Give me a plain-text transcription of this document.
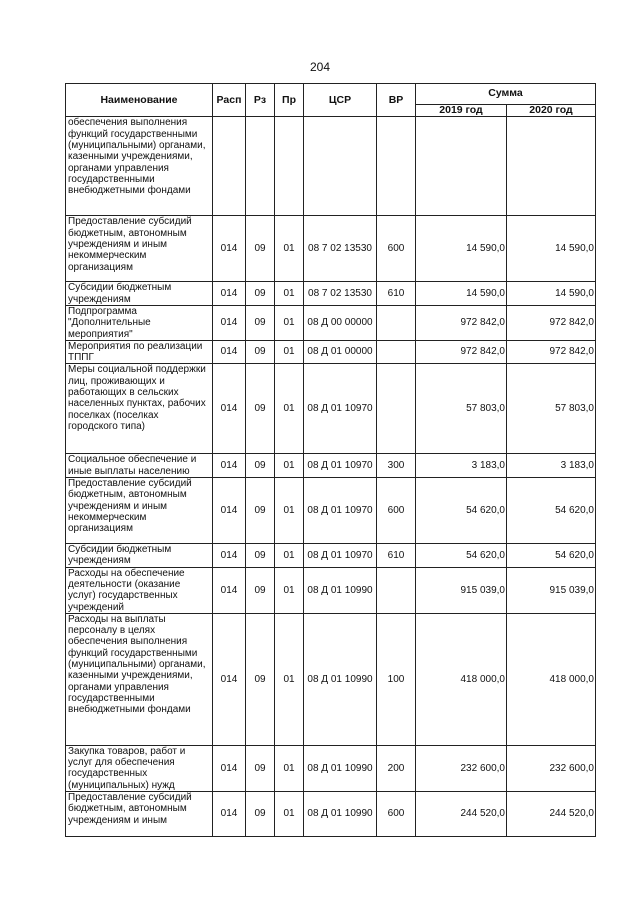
204
Наименование	Расп	Рз	Пр	ЦСР	ВР	Сумма	
						2019 год	2020 год
обеспечения выполнения функций государственными (муниципальными) органами, казенными учреждениями, органами управления государственными внебюджетными фондами							
Предоставление субсидий бюджетным, автономным учреждениям и иным некоммерческим организациям	014	09	01	08 7 02 13530	600	14 590,0	14 590,0
Субсидии бюджетным учреждениям	014	09	01	08 7 02 13530	610	14 590,0	14 590,0
Подпрограмма "Дополнительные мероприятия"	014	09	01	08 Д 00 00000		972 842,0	972 842,0
Мероприятия по реализации ТППГ	014	09	01	08 Д 01 00000		972 842,0	972 842,0
Меры социальной поддержки лиц, проживающих и работающих в сельских населенных пунктах, рабочих поселках (поселках городского типа)	014	09	01	08 Д 01 10970		57 803,0	57 803,0
Социальное обеспечение и иные выплаты населению	014	09	01	08 Д 01 10970	300	3 183,0	3 183,0
Предоставление субсидий бюджетным, автономным учреждениям и иным некоммерческим организациям	014	09	01	08 Д 01 10970	600	54 620,0	54 620,0
Субсидии бюджетным учреждениям	014	09	01	08 Д 01 10970	610	54 620,0	54 620,0
Расходы на обеспечение деятельности (оказание услуг) государственных учреждений	014	09	01	08 Д 01 10990		915 039,0	915 039,0
Расходы на выплаты персоналу в целях обеспечения выполнения функций государственными (муниципальными) органами, казенными учреждениями, органами управления государственными внебюджетными фондами	014	09	01	08 Д 01 10990	100	418 000,0	418 000,0
Закупка товаров, работ и услуг для обеспечения государственных (муниципальных) нужд	014	09	01	08 Д 01 10990	200	232 600,0	232 600,0
Предоставление субсидий бюджетным, автономным учреждениям и иным	014	09	01	08 Д 01 10990	600	244 520,0	244 520,0
